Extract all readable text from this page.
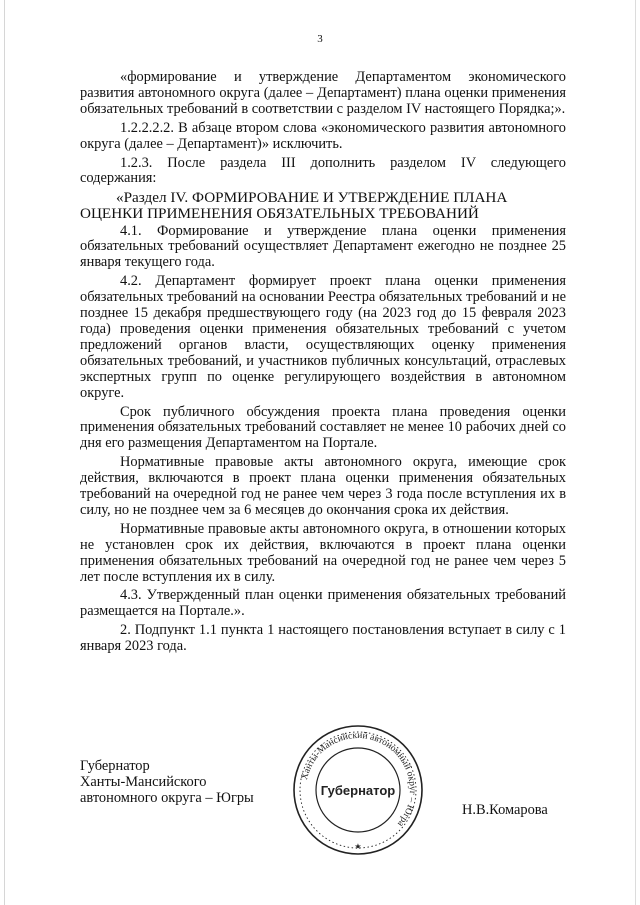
3

«формирование и утверждение Департаментом экономического развития автономного округа (далее – Департамент) плана оценки применения обязательных требований в соответствии с разделом IV настоящего Порядка;».

1.2.2.2.2. В абзаце втором слова «экономического развития автономного округа (далее – Департамент)» исключить.

1.2.3. После раздела III дополнить разделом IV следующего содержания:

«Раздел IV. ФОРМИРОВАНИЕ И УТВЕРЖДЕНИЕ ПЛАНА ОЦЕНКИ ПРИМЕНЕНИЯ ОБЯЗАТЕЛЬНЫХ ТРЕБОВАНИЙ

4.1. Формирование и утверждение плана оценки применения обязательных требований осуществляет Департамент ежегодно не позднее 25 января текущего года.

4.2. Департамент формирует проект плана оценки применения обязательных требований на основании Реестра обязательных требований и не позднее 15 декабря предшествующего году (на 2023 год до 15 февраля 2023 года) проведения оценки применения обязательных требований с учетом предложений органов власти, осуществляющих оценку применения обязательных требований, и участников публичных консультаций, отраслевых экспертных групп по оценке регулирующего воздействия в автономном округе.

Срок публичного обсуждения проекта плана проведения оценки применения обязательных требований составляет не менее 10 рабочих дней со дня его размещения Департаментом на Портале.

Нормативные правовые акты автономного округа, имеющие срок действия, включаются в проект плана оценки применения обязательных требований на очередной год не ранее чем через 3 года после вступления их в силу, но не позднее чем за 6 месяцев до окончания срока их действия.

Нормативные правовые акты автономного округа, в отношении которых не установлен срок их действия, включаются в проект плана оценки применения обязательных требований на очередной год не ранее чем через 5 лет после вступления их в силу.

4.3. Утвержденный план оценки применения обязательных требований размещается на Портале.».

2. Подпункт 1.1 пункта 1 настоящего постановления вступает в силу с 1 января 2023 года.

Губернатор
Ханты-Мансийского
автономного округа – Югры
Ханты-Мансийский автономный округ – Югра
Губернатор
★
Н.В.Комарова
